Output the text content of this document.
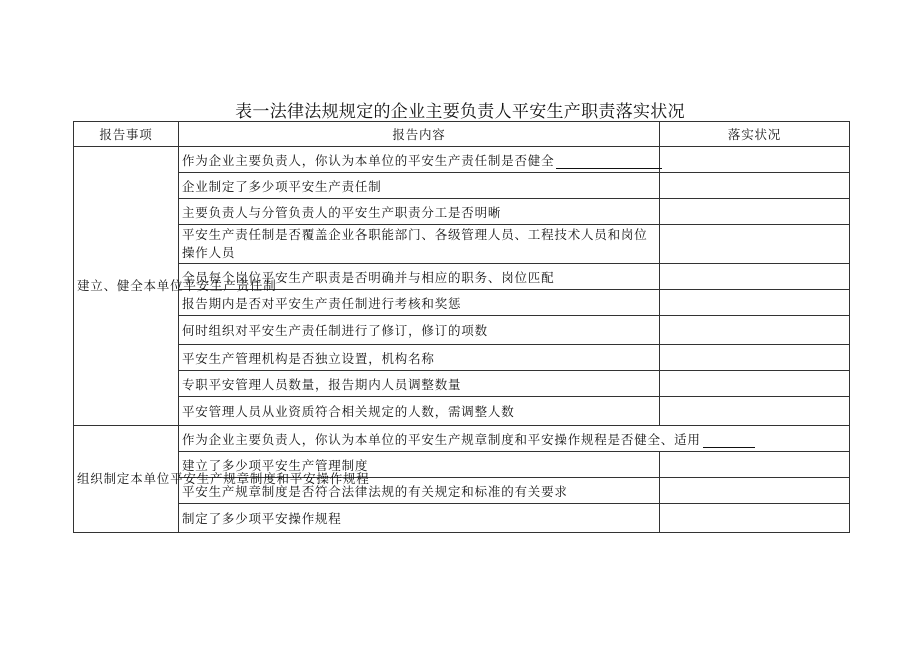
表一法律法规规定的企业主要负责人平安生产职责落实状况
报告事项	报告内容	落实状况
建立、健全本单位平安生产责任制	作为企业主要负责人，你认为本单位的平安生产责任制是否健全	
	企业制定了多少项平安生产责任制	
	主要负责人与分管负责人的平安生产职责分工是否明晰	
	平安生产责任制是否覆盖企业各职能部门、各级管理人员、工程技术人员和岗位操作人员	
	全员每个岗位平安生产职责是否明确并与相应的职务、岗位匹配	
	报告期内是否对平安生产责任制进行考核和奖惩	
	何时组织对平安生产责任制进行了修订，修订的项数	
	平安生产管理机构是否独立设置，机构名称	
	专职平安管理人员数量，报告期内人员调整数量	
	平安管理人员从业资质符合相关规定的人数，需调整人数	
组织制定本单位平安生产规章制度和平安操作规程	作为企业主要负责人，你认为本单位的平安生产规章制度和平安操作规程是否健全、适用	
	建立了多少项平安生产管理制度	
	平安生产规章制度是否符合法律法规的有关规定和标准的有关要求	
	制定了多少项平安操作规程	
